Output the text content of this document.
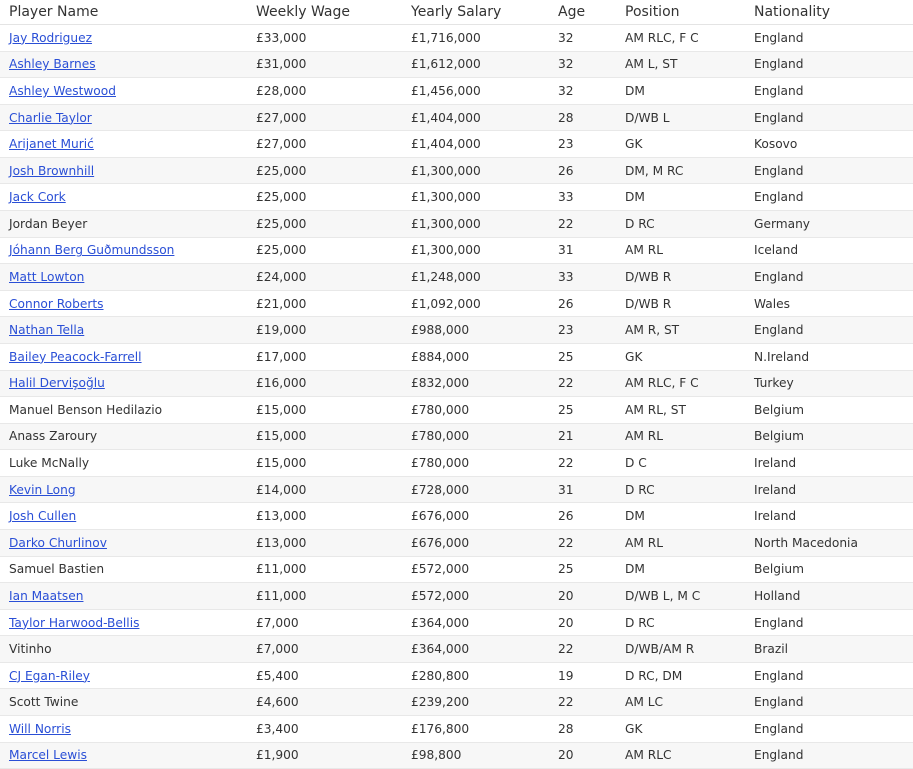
Player Name	Weekly Wage	Yearly Salary	Age	Position	Nationality
Jay Rodriguez	£33,000	£1,716,000	32	AM RLC, F C	England
Ashley Barnes	£31,000	£1,612,000	32	AM L, ST	England
Ashley Westwood	£28,000	£1,456,000	32	DM	England
Charlie Taylor	£27,000	£1,404,000	28	D/WB L	England
Arijanet Murić	£27,000	£1,404,000	23	GK	Kosovo
Josh Brownhill	£25,000	£1,300,000	26	DM, M RC	England
Jack Cork	£25,000	£1,300,000	33	DM	England
Jordan Beyer	£25,000	£1,300,000	22	D RC	Germany
Jóhann Berg Guðmundsson	£25,000	£1,300,000	31	AM RL	Iceland
Matt Lowton	£24,000	£1,248,000	33	D/WB R	England
Connor Roberts	£21,000	£1,092,000	26	D/WB R	Wales
Nathan Tella	£19,000	£988,000	23	AM R, ST	England
Bailey Peacock-Farrell	£17,000	£884,000	25	GK	N.Ireland
Halil Dervişoğlu	£16,000	£832,000	22	AM RLC, F C	Turkey
Manuel Benson Hedilazio	£15,000	£780,000	25	AM RL, ST	Belgium
Anass Zaroury	£15,000	£780,000	21	AM RL	Belgium
Luke McNally	£15,000	£780,000	22	D C	Ireland
Kevin Long	£14,000	£728,000	31	D RC	Ireland
Josh Cullen	£13,000	£676,000	26	DM	Ireland
Darko Churlinov	£13,000	£676,000	22	AM RL	North Macedonia
Samuel Bastien	£11,000	£572,000	25	DM	Belgium
Ian Maatsen	£11,000	£572,000	20	D/WB L, M C	Holland
Taylor Harwood-Bellis	£7,000	£364,000	20	D RC	England
Vitinho	£7,000	£364,000	22	D/WB/AM R	Brazil
CJ Egan-Riley	£5,400	£280,800	19	D RC, DM	England
Scott Twine	£4,600	£239,200	22	AM LC	England
Will Norris	£3,400	£176,800	28	GK	England
Marcel Lewis	£1,900	£98,800	20	AM RLC	England
